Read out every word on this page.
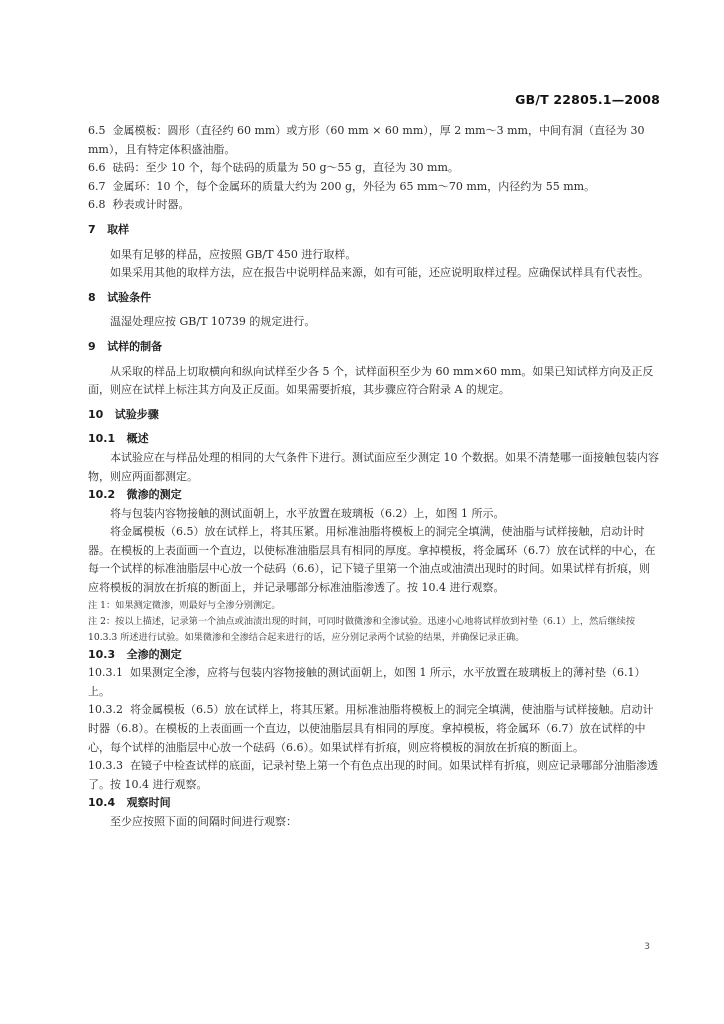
GB/T 22805.1—2008

6.5  金属模板：圆形（直径约 60 mm）或方形（60 mm × 60 mm），厚 2 mm～3 mm，中间有洞（直径为 30 mm），且有特定体积盛油脂。

6.6  砝码：至少 10 个，每个砝码的质量为 50 g～55 g，直径为 30 mm。

6.7  金属环：10 个，每个金属环的质量大约为 200 g，外径为 65 mm～70 mm，内径约为 55 mm。

6.8  秒表或计时器。

7   取样

如果有足够的样品，应按照 GB/T 450 进行取样。

如果采用其他的取样方法，应在报告中说明样品来源，如有可能，还应说明取样过程。应确保试样具有代表性。

8   试验条件

温湿处理应按 GB/T 10739 的规定进行。

9   试样的制备

从采取的样品上切取横向和纵向试样至少各 5 个，试样面积至少为 60 mm×60 mm。如果已知试样方向及正反面，则应在试样上标注其方向及正反面。如果需要折痕，其步骤应符合附录 A 的规定。

10   试验步骤

10.1   概述

本试验应在与样品处理的相同的大气条件下进行。测试面应至少测定 10 个数据。如果不清楚哪一面接触包装内容物，则应两面都测定。

10.2   微渗的测定

将与包装内容物接触的测试面朝上，水平放置在玻璃板（6.2）上，如图 1 所示。

将金属模板（6.5）放在试样上，将其压紧。用标准油脂将模板上的洞完全填满，使油脂与试样接触，启动计时器。在模板的上表面画一个直边，以使标准油脂层具有相同的厚度。拿掉模板，将金属环（6.7）放在试样的中心，在每一个试样的标准油脂层中心放一个砝码（6.6），记下镜子里第一个油点或油渍出现时的时间。如果试样有折痕，则应将模板的洞放在折痕的断面上，并记录哪部分标准油脂渗透了。按 10.4 进行观察。

注 1：如果测定微渗，则最好与全渗分别测定。

注 2：按以上描述，记录第一个油点或油渍出现的时间，可同时做微渗和全渗试验。迅速小心地将试样放到衬垫（6.1）上，然后继续按 10.3.3 所述进行试验。如果微渗和全渗结合起来进行的话，应分别记录两个试验的结果，并确保记录正确。

10.3   全渗的测定

10.3.1  如果测定全渗，应将与包装内容物接触的测试面朝上，如图 1 所示，水平放置在玻璃板上的薄衬垫（6.1）上。

10.3.2  将金属模板（6.5）放在试样上，将其压紧。用标准油脂将模板上的洞完全填满，使油脂与试样接触。启动计时器（6.8）。在模板的上表面画一个直边，以使油脂层具有相同的厚度。拿掉模板，将金属环（6.7）放在试样的中心，每个试样的油脂层中心放一个砝码（6.6）。如果试样有折痕，则应将模板的洞放在折痕的断面上。

10.3.3  在镜子中检查试样的底面，记录衬垫上第一个有色点出现的时间。如果试样有折痕，则应记录哪部分油脂渗透了。按 10.4 进行观察。

10.4   观察时间

至少应按照下面的间隔时间进行观察：

3
